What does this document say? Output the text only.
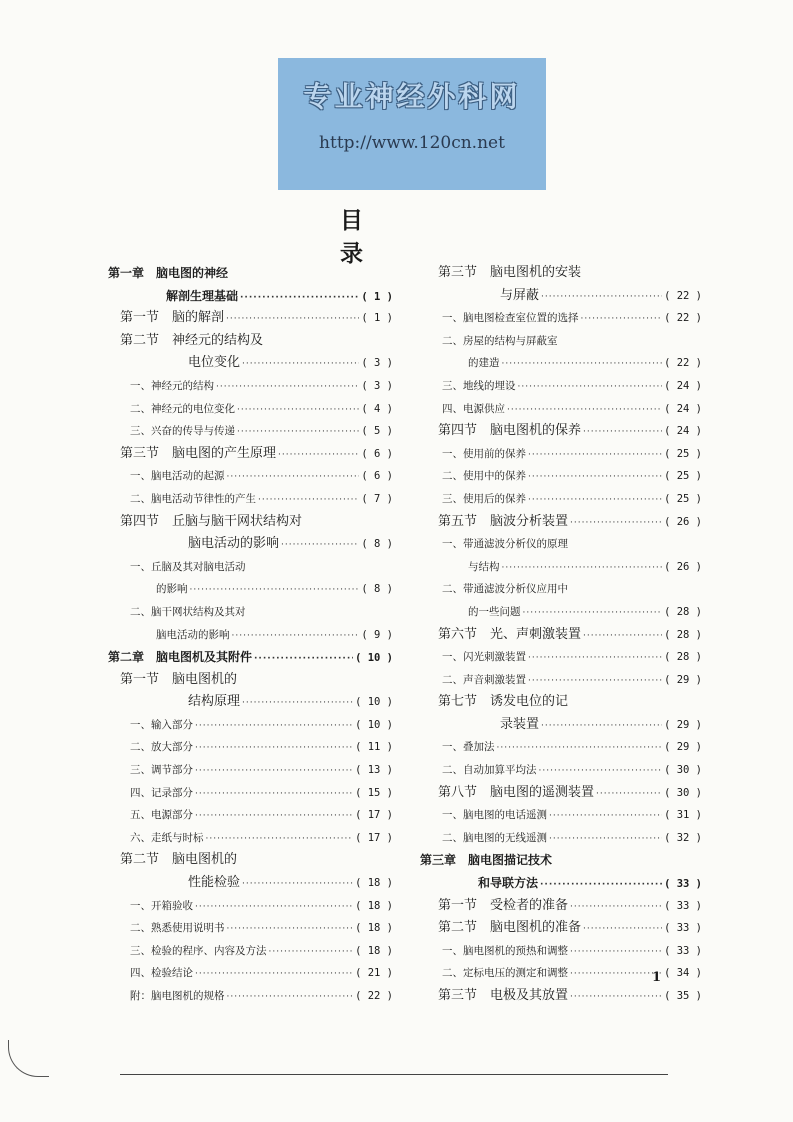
专业神经外科网
http://www.120cn.net
目 录
第一章　脑电图的神经
解剖生理基础 ·····	( 1 )
第一节　脑的解剖 ·····	( 1 )
第二节　神经元的结构及
电位变化 ·····	( 3 )
一、神经元的结构 ·····	( 3 )
二、神经元的电位变化 ·····	( 4 )
三、兴奋的传导与传递 ·····	( 5 )
第三节　脑电图的产生原理 ·····	( 6 )
一、脑电活动的起源 ·····	( 6 )
二、脑电活动节律性的产生 ·····	( 7 )
第四节　丘脑与脑干网状结构对
脑电活动的影响 ·····	( 8 )
一、丘脑及其对脑电活动
的影响 ·····	( 8 )
二、脑干网状结构及其对
脑电活动的影响 ·····	( 9 )
第二章　脑电图机及其附件 ·····	( 10 )
第一节　脑电图机的
结构原理 ·····	( 10 )
一、输入部分 ·····	( 10 )
二、放大部分 ·····	( 11 )
三、调节部分 ·····	( 13 )
四、记录部分 ·····	( 15 )
五、电源部分 ·····	( 17 )
六、走纸与时标 ·····	( 17 )
第二节　脑电图机的
性能检验 ·····	( 18 )
一、开箱验收 ·····	( 18 )
二、熟悉使用说明书 ·····	( 18 )
三、检验的程序、内容及方法 ·····	( 18 )
四、检验结论 ·····	( 21 )
附：脑电图机的规格 ·····	( 22 )
第三节　脑电图机的安装
与屏蔽 ·····	( 22 )
一、脑电图检查室位置的选择 ·····	( 22 )
二、房屋的结构与屏蔽室
的建造 ·····	( 22 )
三、地线的埋设 ·····	( 24 )
四、电源供应 ·····	( 24 )
第四节　脑电图机的保养 ·····	( 24 )
一、使用前的保养 ·····	( 25 )
二、使用中的保养 ·····	( 25 )
三、使用后的保养 ·····	( 25 )
第五节　脑波分析装置 ·····	( 26 )
一、带通滤波分析仪的原理
与结构 ·····	( 26 )
二、带通滤波分析仪应用中
的一些问题 ·····	( 28 )
第六节　光、声刺激装置 ·····	( 28 )
一、闪光刺激装置 ·····	( 28 )
二、声音刺激装置 ·····	( 29 )
第七节　诱发电位的记
录装置 ·····	( 29 )
一、叠加法 ·····	( 29 )
二、自动加算平均法 ·····	( 30 )
第八节　脑电图的遥测装置 ·····	( 30 )
一、脑电图的电话遥测 ·····	( 31 )
二、脑电图的无线遥测 ·····	( 32 )
第三章　脑电图描记技术
和导联方法 ·····	( 33 )
第一节　受检者的准备 ·····	( 33 )
第二节　脑电图机的准备 ·····	( 33 )
一、脑电图机的预热和调整 ·····	( 33 )
二、定标电压的测定和调整 ·····	( 34 )
第三节　电极及其放置 ·····	( 35 )
1
